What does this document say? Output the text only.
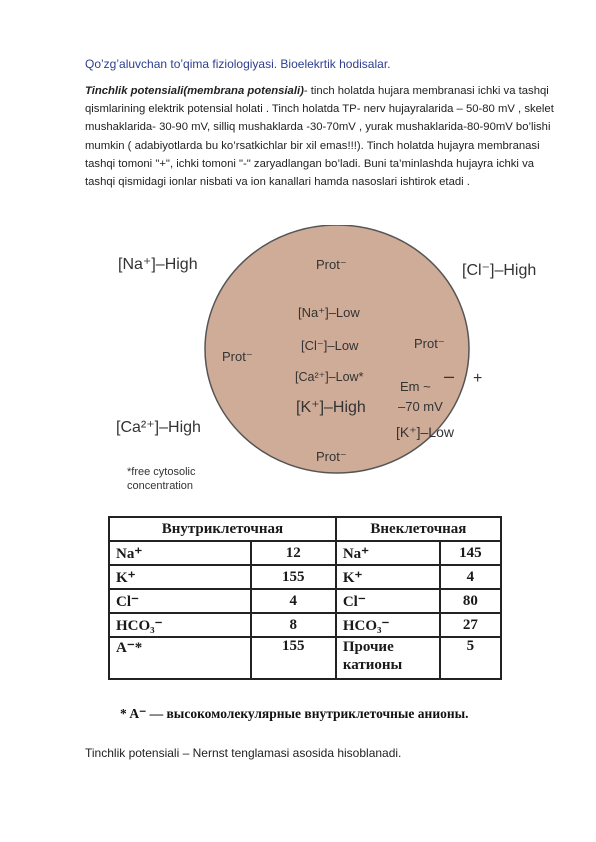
Qo’zg’aluvchan to’qima fiziologiyasi. Bioelekrtik hodisalar.
Tinchlik potensiali(membrana potensiali)- tinch holatda hujara membranasi ichki va tashqi qismlarining elektrik potensial holati . Tinch holatda TP- nerv hujayralarida – 50-80 mV , skelet mushaklarida- 30-90 mV, silliq mushaklarda -30-70mV , yurak mushaklarida-80-90mV bo’lishi mumkin ( adabiyotlarda bu ko’rsatkichlar bir xil emas!!!). Tinch holatda hujayra membranasi tashqi tomoni "+", ichki tomoni "-" zaryadlangan bo’ladi. Buni ta’minlashda hujayra ichki va tashqi qismidagi ionlar nisbati va ion kanallari hamda nasoslari ishtirok etadi .
[Na⁺]–High	[Cl⁻]–High
[Ca²⁺]–High	[K⁺]–Low
Prot⁻
[Na⁺]–Low
Prot⁻
[Cl⁻]–Low	Prot⁻
[Ca²⁺]–Low*
[K⁺]–High
Em ~
–70 mV
Prot⁻
– +
*free cytosolic
concentration
Внутриклеточная		Внеклеточная	
Na⁺	12	Na⁺	145
K⁺	155	K⁺	4
Cl⁻	4	Cl⁻	80
HCO₃⁻	8	HCO₃⁻	27
A⁻*	155	Прочие катионы	5
* A⁻ — высокомолекулярные внутриклеточные анионы.
Tinchlik potensiali – Nernst tenglamasi asosida hisoblanadi.
